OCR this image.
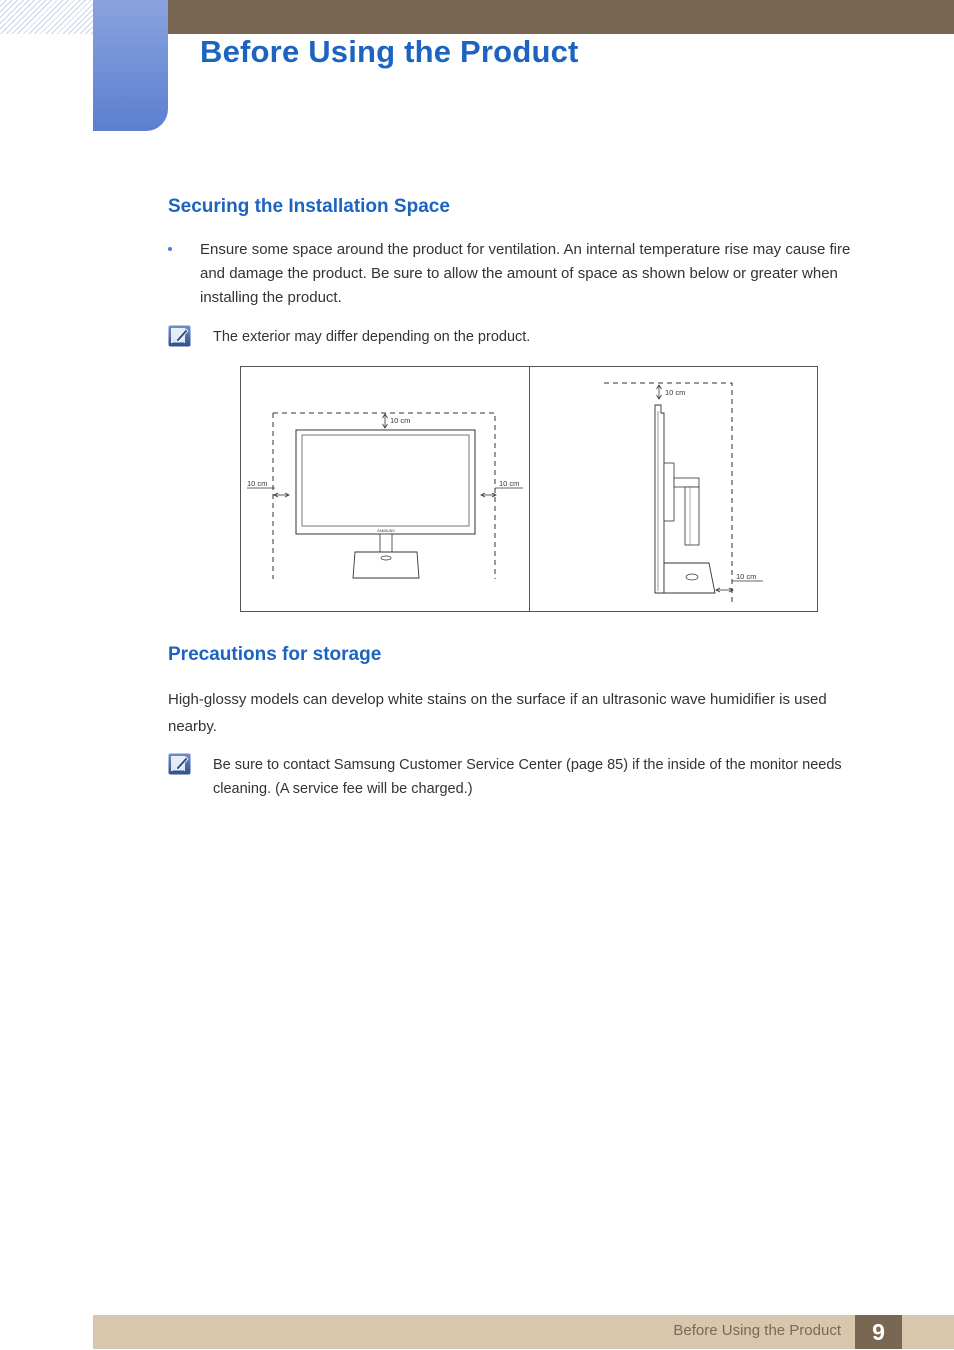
Before Using the Product
Securing the Installation Space
Ensure some space around the product for ventilation. An internal temperature rise may cause fire and damage the product. Be sure to allow the amount of space as shown below or greater when installing the product.
The exterior may differ depending on the product.
SAMSUNG
10 cm
10 cm	10 cm
10 cm
10 cm
Precautions for storage

High-glossy models can develop white stains on the surface if an ultrasonic wave humidifier is used nearby.

Be sure to contact Samsung Customer Service Center (page 85) if the inside of the monitor needs cleaning. (A service fee will be charged.)
Before Using the Product	9
